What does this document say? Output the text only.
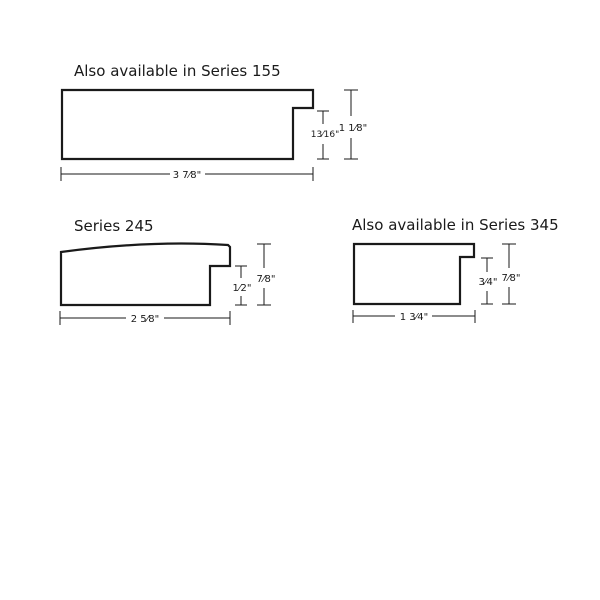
Also available in Series 155
3 7⁄8"
13⁄16"
1 1⁄8"
Series 245
2 5⁄8"
1⁄2"
7⁄8"
Also available in Series 345
1 3⁄4"
3⁄4" 7⁄8"
